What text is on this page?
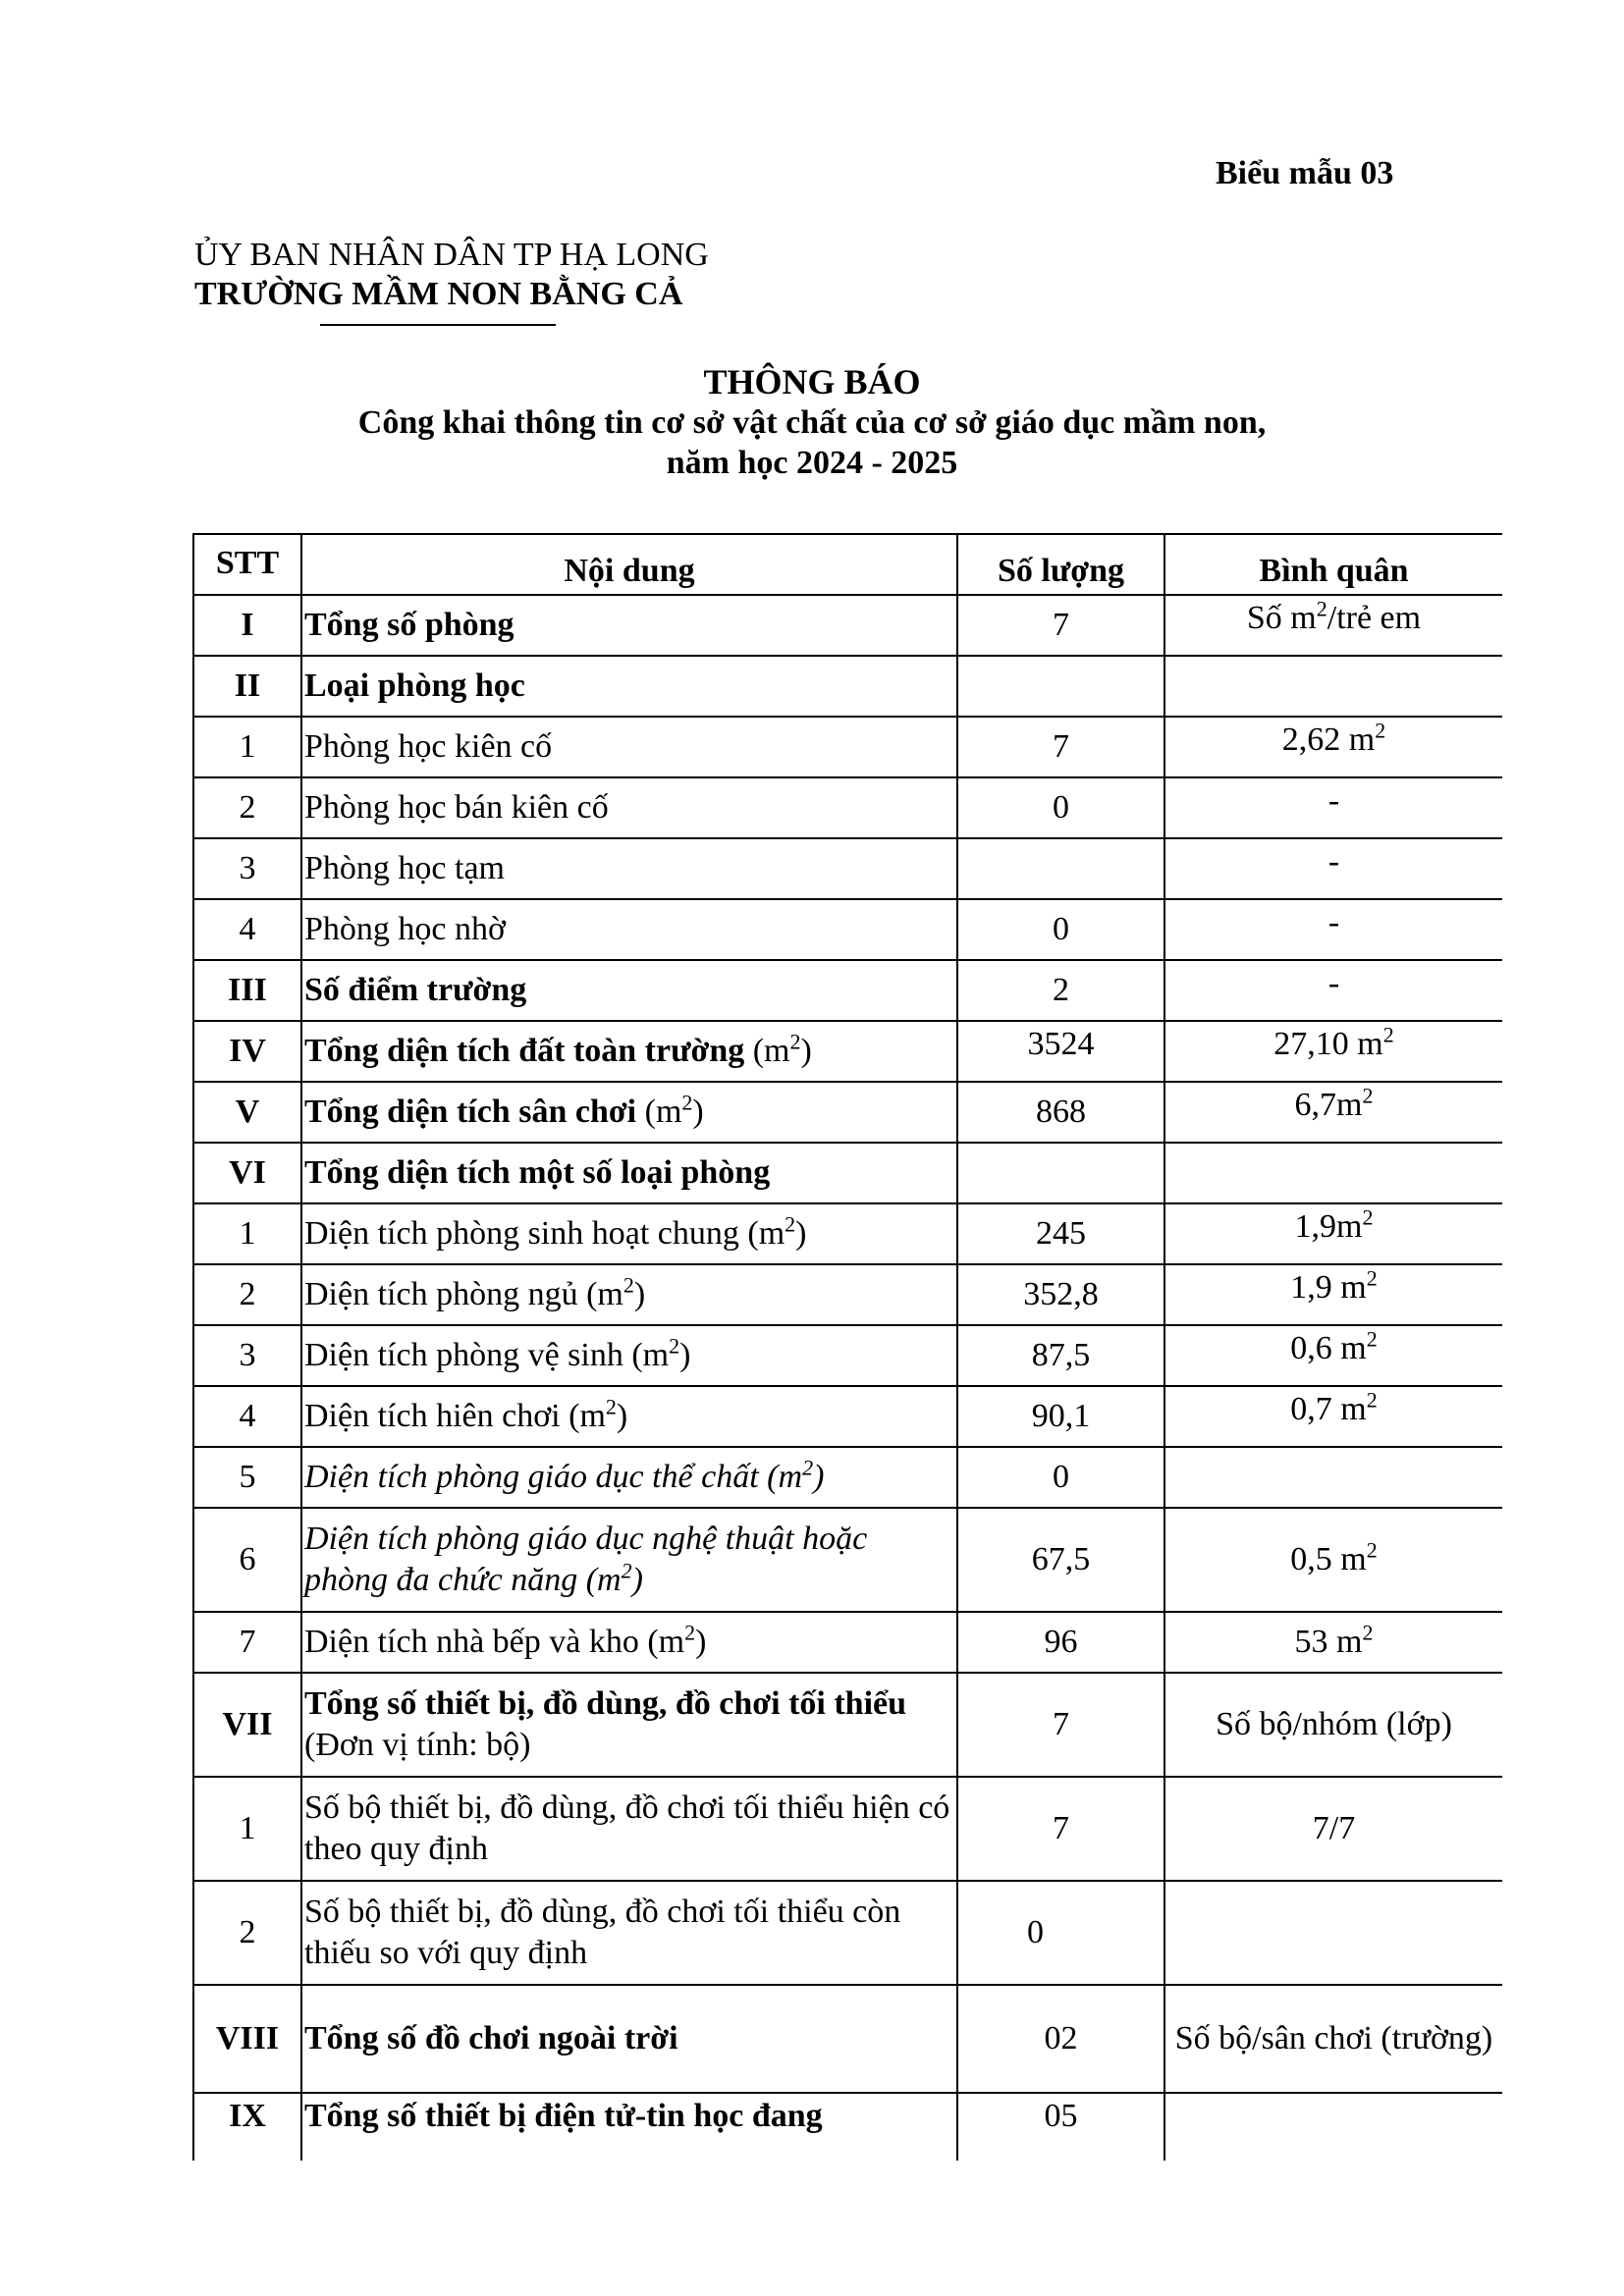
Biểu mẫu 03
ỦY BAN NHÂN DÂN TP HẠ LONG
TRƯỜNG MẦM NON BẰNG CẢ
THÔNG BÁO
Công khai thông tin cơ sở vật chất của cơ sở giáo dục mầm non,
năm học 2024 - 2025
STT	Nội dung	Số lượng	Bình quân
I	Tổng số phòng	7	Số $m^2$/trẻ em
II	Loại phòng học		
1	Phòng học kiên cố	7	2,62 $m^2$
2	Phòng học bán kiên cố	0	-
3	Phòng học tạm		-
4	Phòng học nhờ	0	-
III	Số điểm trường	2	-
IV	Tổng diện tích đất toàn trường $(m^2)$	3524	27,10 $m^2$
V	Tổng diện tích sân chơi $(m^2)$	868	$6,7m^2$
VI	Tổng diện tích một số loại phòng		
1	Diện tích phòng sinh hoạt chung $(m^2)$	245	$1,9m^2$
2	Diện tích phòng ngủ $(m^2)$	352,8	1,9 $m^2$
3	Diện tích phòng vệ $\sinh (m^2)$	87,5	0,6 $m^2$
4	Diện tích hiên chơi $(m^2)$	90,1	0,7 $m^2$
5	Diện tích phòng giáo dục thể chất $(m^2)$	0	
6	Diện tích phòng giáo dục nghệ thuật hoặc phòng đa chức năng $(m^2)$	67,5	0,5 $m^2$
7	Diện tích nhà bếp và kho $(m^2)$	96	53 $m^2$
VII	Tổng số thiết bị, đồ dùng, đồ chơi tối thiểu (Đơn vị tính: bộ)	7	Số bộ/nhóm (lớp)
1	Số bộ thiết bị, đồ dùng, đồ chơi tối thiểu hiện có theo quy định	7	7/7
2	Số bộ thiết bị, đồ dùng, đồ chơi tối thiểu còn thiếu so với quy định	0	
VIII	Tổng số đồ chơi ngoài trời	02	Số bộ/sân chơi (trường)
IX	Tổng số thiết bị điện tử-tin học đang	05	
